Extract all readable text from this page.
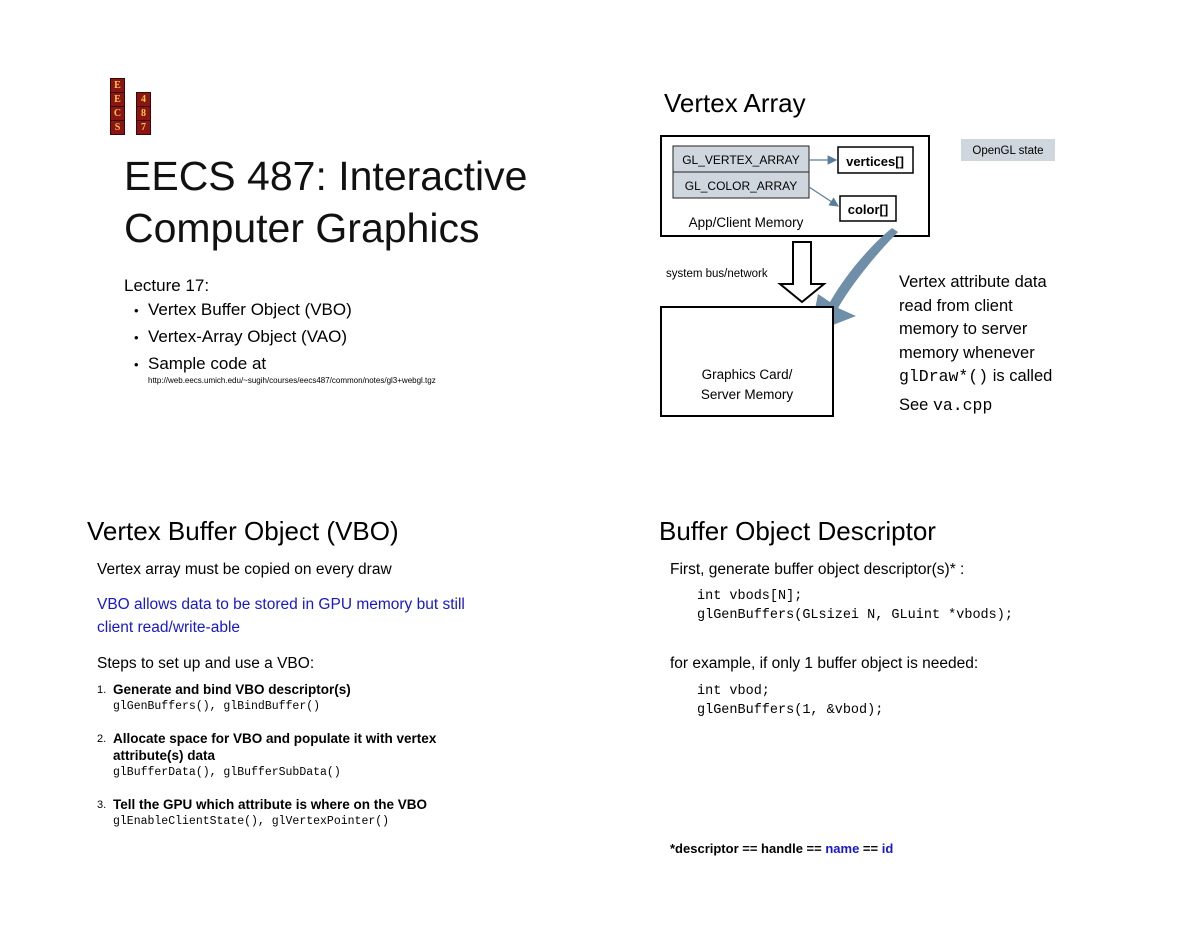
E
E
C
S
4
8
7
EECS 487: Interactive
Computer Graphics
Lecture 17:
• Vertex Buffer Object (VBO)
• Vertex-Array Object (VAO)
• Sample code at
http://web.eecs.umich.edu/~sugih/courses/eecs487/common/notes/gl3+webgl.tgz
Vertex Array
GL_VERTEX_ARRAY
GL_COLOR_ARRAY
vertices[]
color[]
App/Client Memory
OpenGL state
system bus/network
Graphics Card/
Server Memory
Vertex attribute data
read from client
memory to server
memory whenever
glDraw*() is called
See va.cpp
Vertex Buffer Object (VBO)
Vertex array must be copied on every draw
VBO allows data to be stored in GPU memory but still
client read/write-able
Steps to set up and use a VBO:
1. Generate and bind VBO descriptor(s)
glGenBuffers(), glBindBuffer()
2. Allocate space for VBO and populate it with vertex
attribute(s) data
glBufferData(), glBufferSubData()
3. Tell the GPU which attribute is where on the VBO
glEnableClientState(), glVertexPointer()
Buffer Object Descriptor
First, generate buffer object descriptor(s)* :
int vbods[N];
glGenBuffers(GLsizei N, GLuint *vbods);
for example, if only 1 buffer object is needed:
int vbod;
glGenBuffers(1, &vbod);
*descriptor == handle == name == id
